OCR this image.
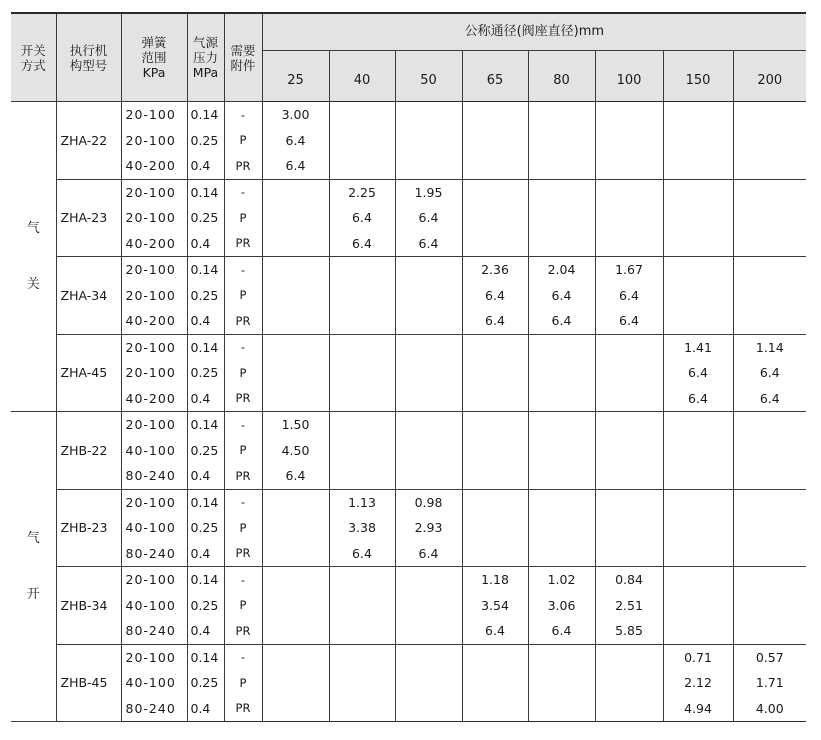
开关
方式	执行机
构型号	弹簧
范围
KPa	气源
压力
MPa	需要
附件	公称通径(阀座直径)mm							
					25	40	50	65	80	100	150	200

气
关	ZHA-22	20-100	0.14	-	3.00							
		20-100	0.25	P	6.4							
		40-200	0.4	PR	6.4							
	ZHA-23	20-100	0.14	-		2.25	1.95					
		20-100	0.25	P		6.4	6.4					
		40-200	0.4	PR		6.4	6.4					
	ZHA-34	20-100	0.14	-				2.36	2.04	1.67		
		20-100	0.25	P				6.4	6.4	6.4		
		40-200	0.4	PR				6.4	6.4	6.4		
	ZHA-45	20-100	0.14	-							1.41	1.14
		20-100	0.25	P							6.4	6.4
		40-200	0.4	PR							6.4	6.4

气
开	ZHB-22	20-100	0.14	-	1.50							
		40-100	0.25	P	4.50							
		80-240	0.4	PR	6.4							
	ZHB-23	20-100	0.14	-		1.13	0.98					
		40-100	0.25	P		3.38	2.93					
		80-240	0.4	PR		6.4	6.4					
	ZHB-34	20-100	0.14	-				1.18	1.02	0.84		
		40-100	0.25	P				3.54	3.06	2.51		
		80-240	0.4	PR				6.4	6.4	5.85		
	ZHB-45	20-100	0.14	-							0.71	0.57
		40-100	0.25	P							2.12	1.71
		80-240	0.4	PR							4.94	4.00
